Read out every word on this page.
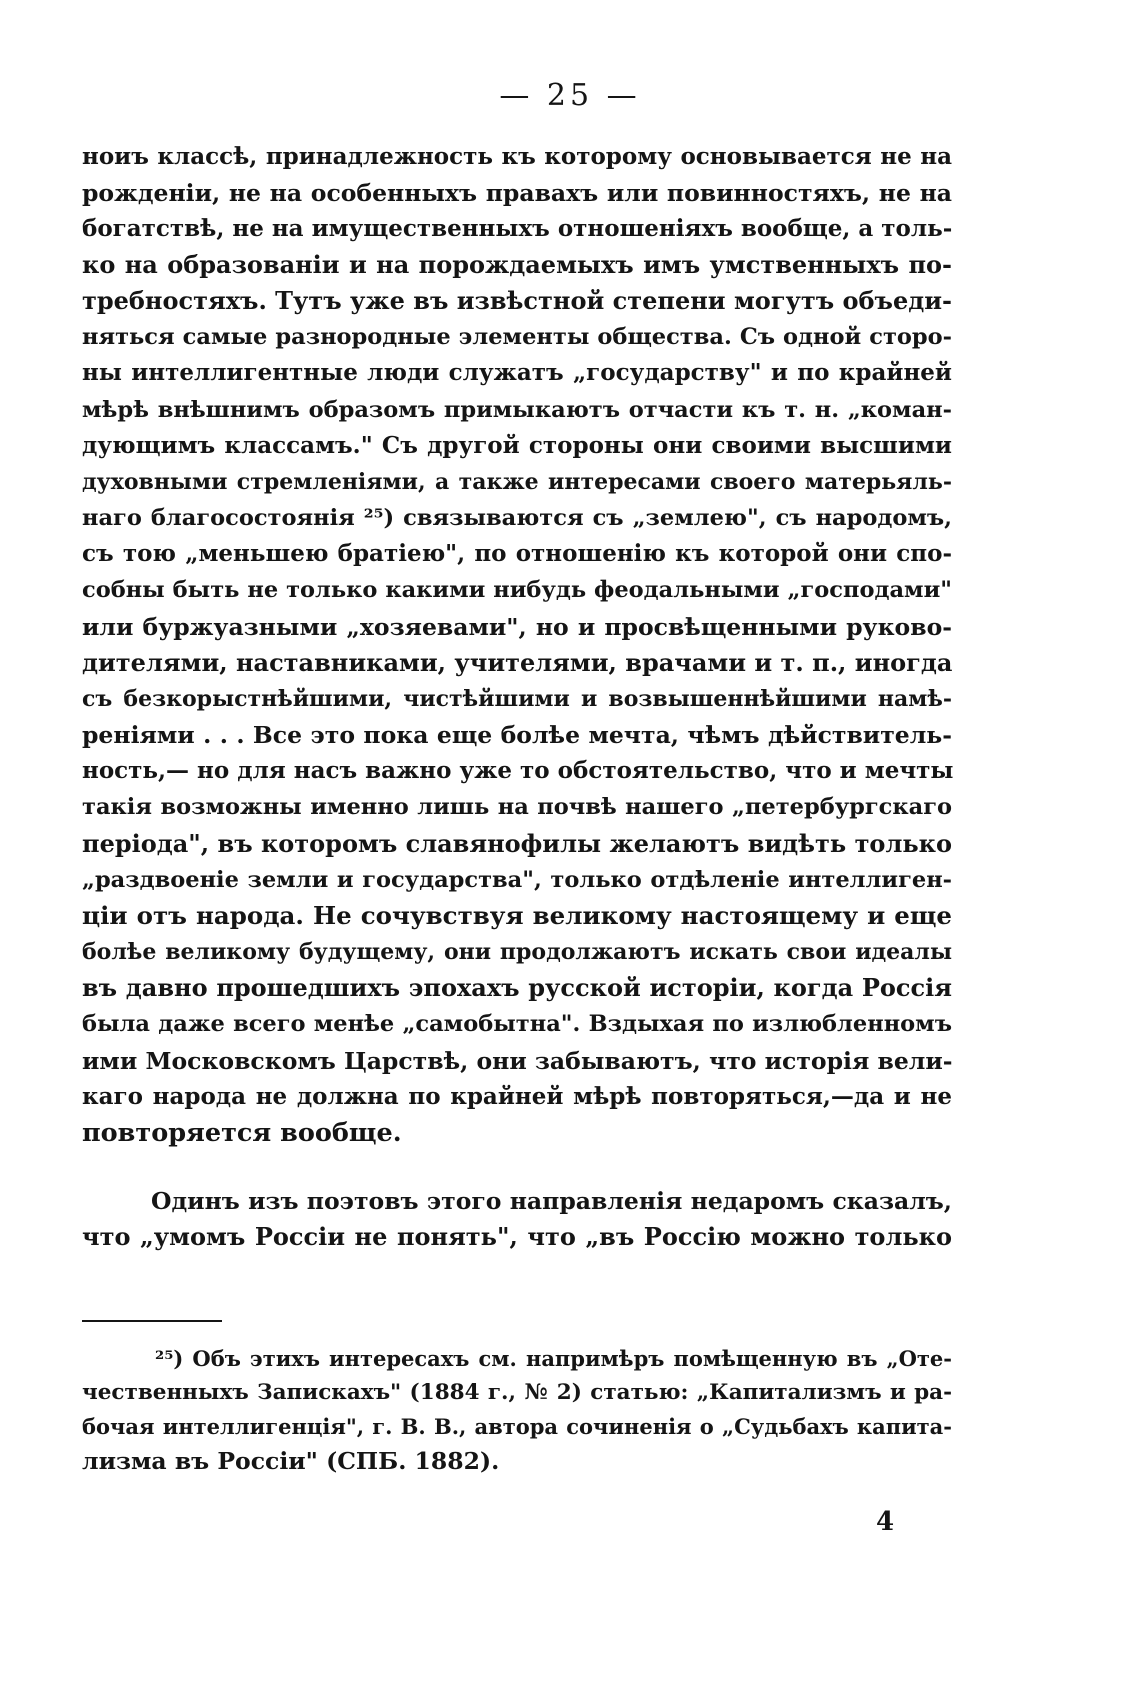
— 25 —
ноиъ классѣ, принадлежность къ которому основывается не на
рожденіи, не на особенныхъ правахъ или повинностяхъ, не на
богатствѣ, не на имущественныхъ отношеніяхъ вообще, а толь-
ко на образованіи и на порождаемыхъ имъ умственныхъ по-
требностяхъ. Тутъ уже въ извѣстной степени могутъ объеди-
няться самые разнородные элементы общества. Съ одной сторо-
ны интеллигентные люди служатъ „государству" и по крайней
мѣрѣ внѣшнимъ образомъ примыкаютъ отчасти къ т. н. „коман-
дующимъ классамъ." Съ другой стороны они своими высшими
духовными стремленіями, а также интересами своего матерьяль-
наго благосостоянія ²⁵) связываются съ „землею", съ народомъ,
съ тою „меньшею братіею", по отношенію къ которой они спо-
собны быть не только какими нибудь феодальными „господами"
или буржуазными „хозяевами", но и просвѣщенными руково-
дителями, наставниками, учителями, врачами и т. п., иногда
съ безкорыстнѣйшими, чистѣйшими и возвышеннѣйшими намѣ-
реніями . . . Все это пока еще болѣе мечта, чѣмъ дѣйствитель-
ность,— но для насъ важно уже то обстоятельство, что и мечты
такія возможны именно лишь на почвѣ нашего „петербургскаго
періода", въ которомъ славянофилы желаютъ видѣть только
„раздвоеніе земли и государства", только отдѣленіе интеллиген-
ціи отъ народа. Не сочувствуя великому настоящему и еще
болѣе великому будущему, они продолжаютъ искать свои идеалы
въ давно прошедшихъ эпохахъ русской исторіи, когда Россія
была даже всего менѣе „самобытна". Вздыхая по излюбленномъ
ими Московскомъ Царствѣ, они забываютъ, что исторія вели-
каго народа не должна по крайней мѣрѣ повторяться,—да и не
повторяется вообще.
Одинъ изъ поэтовъ этого направленія недаромъ сказалъ,
что „умомъ Россіи не понять", что „въ Россію можно только
²⁵) Объ этихъ интересахъ см. напримѣръ помѣщенную въ „Оте-
чественныхъ Запискахъ" (1884 г., № 2) статью: „Капитализмъ и ра-
бочая интеллигенція", г. В. В., автора сочиненія о „Судьбахъ капита-
лизма въ Россіи" (СПБ. 1882).
4
